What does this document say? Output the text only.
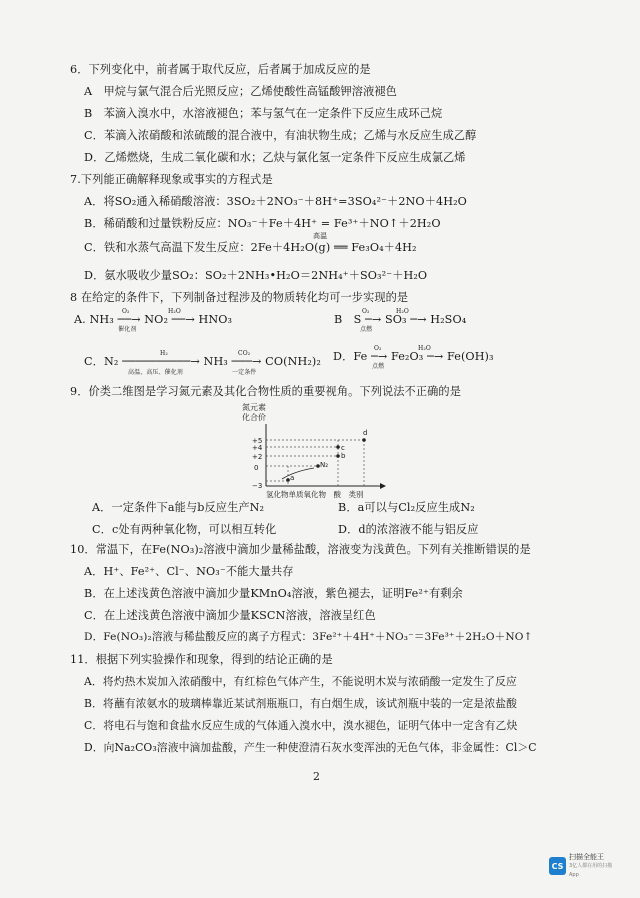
6．下列变化中，前者属于取代反应，后者属于加成反应的是
A　甲烷与氯气混合后光照反应；乙烯使酸性高锰酸钾溶液褪色
B　苯滴入溴水中，水溶液褪色；苯与氢气在一定条件下反应生成环己烷
C．苯滴入浓硝酸和浓硫酸的混合液中，有油状物生成；乙烯与水反应生成乙醇
D．乙烯燃烧，生成二氧化碳和水；乙炔与氯化氢一定条件下反应生成氯乙烯
7.下列能正确解释现象或事实的方程式是
A．将SO₂通入稀硝酸溶液：3SO₂＋2NO₃⁻＋8H⁺=3SO₄²⁻＋2NO＋4H₂O
B．稀硝酸和过量铁粉反应：NO₃⁻＋Fe＋4H⁺ = Fe³⁺＋NO↑＋2H₂O
C．铁和水蒸气高温下发生反应：2Fe＋4H₂O(g) ══ Fe₃O₄＋4H₂
高温
D．氨水吸收少量SO₂：SO₂＋2NH₃•H₂O＝2NH₄⁺＋SO₃²⁻＋H₂O
8 在给定的条件下，下列制备过程涉及的物质转化均可一步实现的是
A. NH₃ ──→ NO₂ ──→ HNO₃
O₂	H₂O
催化剂
B　S ─→ SO₃ ─→ H₂SO₄
O₂	H₂O
点燃
C．N₂ ──────────→ NH₃ ───→ CO(NH₂)₂
H₂
高温、高压、催化剂
CO₂
一定条件
D．Fe ─→ Fe₂O₃ ─→ Fe(OH)₃
O₂	H₂O
点燃
9．价类二维图是学习氮元素及其化合物性质的重要视角。下列说法不正确的是
氮元素
化合价
+5
+4
+2
0
−3
a
N₂
b
c
d
氢化物单质氧化物　酸　类别
A．一定条件下a能与b反应生产N₂	B．a可以与Cl₂反应生成N₂
C．c处有两种氧化物，可以相互转化	D．d的浓溶液不能与铝反应
10．常温下，在Fe(NO₃)₂溶液中滴加少量稀盐酸，溶液变为浅黄色。下列有关推断错误的是
A．H⁺、Fe²⁺、Cl⁻、NO₃⁻不能大量共存
B．在上述浅黄色溶液中滴加少量KMnO₄溶液，紫色褪去，证明Fe²⁺有剩余
C．在上述浅黄色溶液中滴加少量KSCN溶液，溶液呈红色
D．Fe(NO₃)₂溶液与稀盐酸反应的离子方程式：3Fe²⁺＋4H⁺＋NO₃⁻＝3Fe³⁺＋2H₂O＋NO↑
11．根据下列实验操作和现象，得到的结论正确的是
A．将灼热木炭加入浓硝酸中，有红棕色气体产生，不能说明木炭与浓硝酸一定发生了反应
B．将蘸有浓氨水的玻璃棒靠近某试剂瓶瓶口，有白烟生成，该试剂瓶中装的一定是浓盐酸
C．将电石与饱和食盐水反应生成的气体通入溴水中，溴水褪色，证明气体中一定含有乙炔
D．向Na₂CO₃溶液中滴加盐酸，产生一种使澄清石灰水变浑浊的无色气体，非金属性：Cl＞C
2
CS
扫描全能王
3亿人都在用的扫描App
